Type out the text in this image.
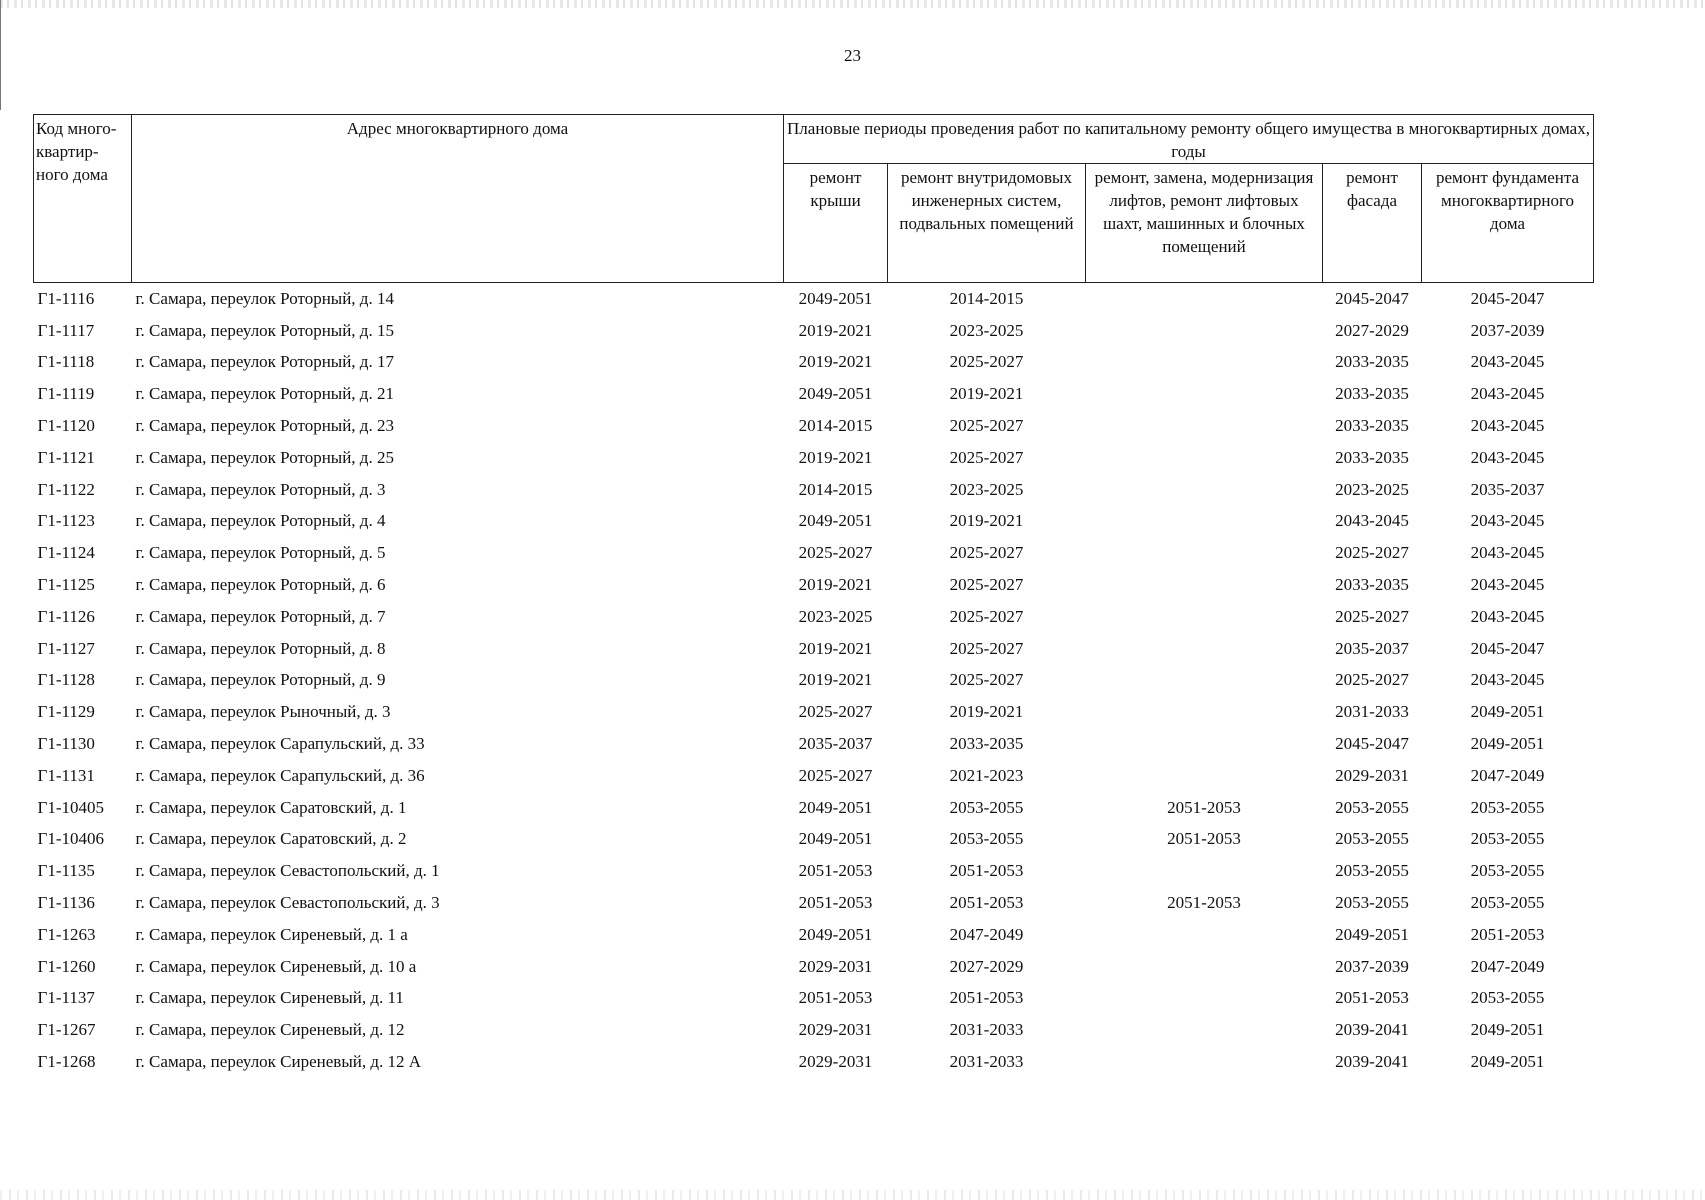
23
Код много-квартир-ного дома	Адрес многоквартирного дома	Плановые периоды проведения работ по капитальному ремонту общего имущества в многоквартирных домах, годы				
		ремонт крыши	ремонт внутридомовых инженерных систем, подвальных помещений	ремонт, замена, модернизация лифтов, ремонт лифтовых шахт, машинных и блочных помещений	ремонт фасада	ремонт фундамента многоквартирного дома
Г1-1116	г. Самара, переулок Роторный, д. 14	2049-2051	2014-2015		2045-2047	2045-2047
Г1-1117	г. Самара, переулок Роторный, д. 15	2019-2021	2023-2025		2027-2029	2037-2039
Г1-1118	г. Самара, переулок Роторный, д. 17	2019-2021	2025-2027		2033-2035	2043-2045
Г1-1119	г. Самара, переулок Роторный, д. 21	2049-2051	2019-2021		2033-2035	2043-2045
Г1-1120	г. Самара, переулок Роторный, д. 23	2014-2015	2025-2027		2033-2035	2043-2045
Г1-1121	г. Самара, переулок Роторный, д. 25	2019-2021	2025-2027		2033-2035	2043-2045
Г1-1122	г. Самара, переулок Роторный, д. 3	2014-2015	2023-2025		2023-2025	2035-2037
Г1-1123	г. Самара, переулок Роторный, д. 4	2049-2051	2019-2021		2043-2045	2043-2045
Г1-1124	г. Самара, переулок Роторный, д. 5	2025-2027	2025-2027		2025-2027	2043-2045
Г1-1125	г. Самара, переулок Роторный, д. 6	2019-2021	2025-2027		2033-2035	2043-2045
Г1-1126	г. Самара, переулок Роторный, д. 7	2023-2025	2025-2027		2025-2027	2043-2045
Г1-1127	г. Самара, переулок Роторный, д. 8	2019-2021	2025-2027		2035-2037	2045-2047
Г1-1128	г. Самара, переулок Роторный, д. 9	2019-2021	2025-2027		2025-2027	2043-2045
Г1-1129	г. Самара, переулок Рыночный, д. 3	2025-2027	2019-2021		2031-2033	2049-2051
Г1-1130	г. Самара, переулок Сарапульский, д. 33	2035-2037	2033-2035		2045-2047	2049-2051
Г1-1131	г. Самара, переулок Сарапульский, д. 36	2025-2027	2021-2023		2029-2031	2047-2049
Г1-10405	г. Самара, переулок Саратовский, д. 1	2049-2051	2053-2055	2051-2053	2053-2055	2053-2055
Г1-10406	г. Самара, переулок Саратовский, д. 2	2049-2051	2053-2055	2051-2053	2053-2055	2053-2055
Г1-1135	г. Самара, переулок Севастопольский, д. 1	2051-2053	2051-2053		2053-2055	2053-2055
Г1-1136	г. Самара, переулок Севастопольский, д. 3	2051-2053	2051-2053	2051-2053	2053-2055	2053-2055
Г1-1263	г. Самара, переулок Сиреневый, д. 1 а	2049-2051	2047-2049		2049-2051	2051-2053
Г1-1260	г. Самара, переулок Сиреневый, д. 10 а	2029-2031	2027-2029		2037-2039	2047-2049
Г1-1137	г. Самара, переулок Сиреневый, д. 11	2051-2053	2051-2053		2051-2053	2053-2055
Г1-1267	г. Самара, переулок Сиреневый, д. 12	2029-2031	2031-2033		2039-2041	2049-2051
Г1-1268	г. Самара, переулок Сиреневый, д. 12 А	2029-2031	2031-2033		2039-2041	2049-2051
